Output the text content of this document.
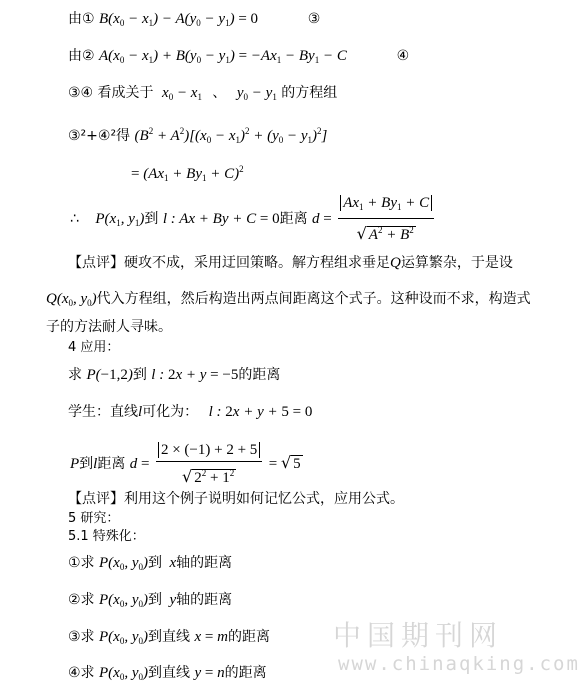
由① $B(x_0 - x_1) - A(y_0 - y_1) = 0$	③
由② $A(x_0 - x_1) + B(y_0 - y_1) = -Ax_1 - By_1 - C$	④
③④ 看成关于 $x_0 - x_1$ 、 $y_0 - y_1$ 的方程组
③²+④²得 $(B^2 + A^2)[(x_0 - x_1)^2 + (y_0 - y_1)^2]$
= $(Ax_1 + By_1 + C)^2$
∴ $P(x_1$, $y_1$)到 l : Ax + By + C = 0距离 $d = \frac{Ax_1 + By_1 + C}{√ A^2 + B^2}$
【点评】硬攻不成，采用迂回策略。解方程组求垂足Q运算繁杂，于是设
$Q(x_0$, $y_0$)代入方程组，然后构造出两点间距离这个式子。这种设而不求，构造式
子的方法耐人寻味。
4 应用：
求 P(−1,2)到 l : 2x + y = −5的距离
学生：直线l可化为： l : 2x + y + 5 = 0
P到l距离 $d = \frac{2 \times (-1) + 2 + 5}{√ 2^2 + 1^2}$ = √ 5
【点评】利用这个例子说明如何记忆公式，应用公式。
5 研究：
5.1 特殊化：
①求 $P(x_0$, $y_0$)到 x轴的距离
②求 $P(x_0$, $y_0$)到 y轴的距离
③求 $P(x_0$, $y_0$)到直线 x = m的距离
④求 $P(x_0$, $y_0$)到直线 y = n的距离
中国期刊网
www.chinaqking.com
